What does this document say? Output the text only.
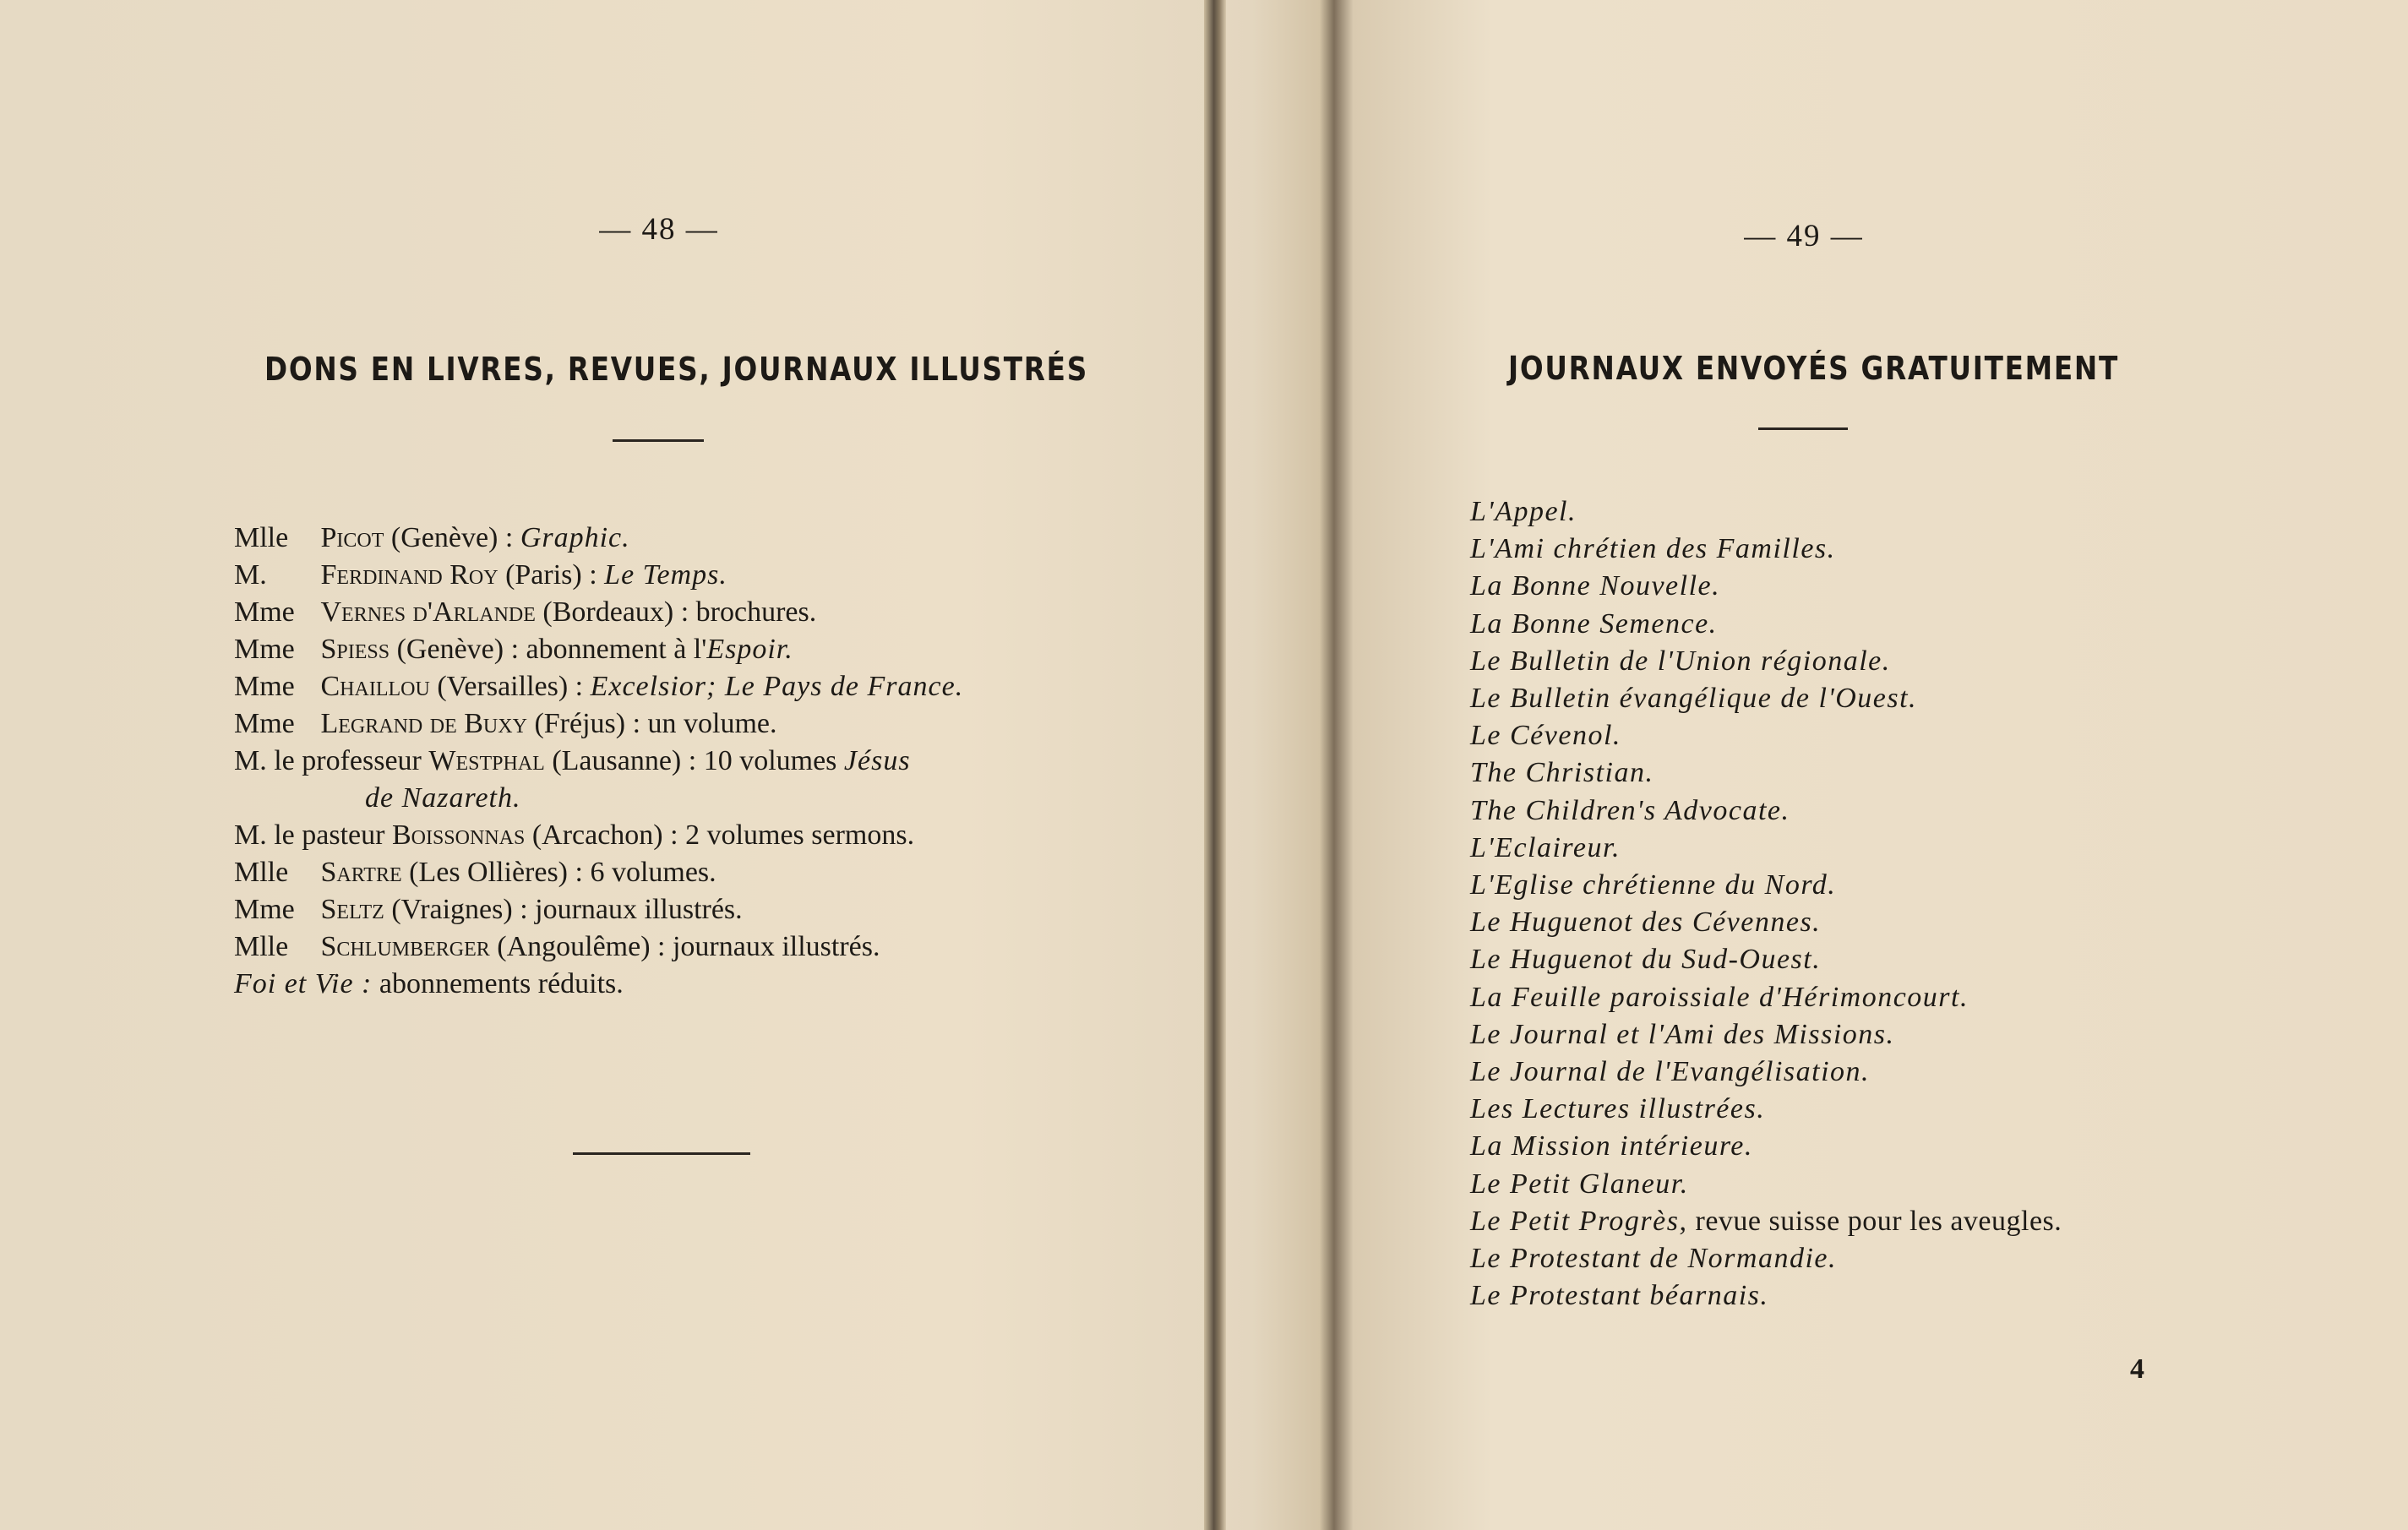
— 48 —
DONS EN LIVRES, REVUES, JOURNAUX ILLUSTRÉS
Mlle Picot (Genève) : Graphic.
M. Ferdinand Roy (Paris) : Le Temps.
Mme Vernes d'Arlande (Bordeaux) : brochures.
Mme Spiess (Genève) : abonnement à l'Espoir.
Mme Chaillou (Versailles) : Excelsior; Le Pays de France.
Mme Legrand de Buxy (Fréjus) : un volume.
M. le professeur Westphal (Lausanne) : 10 volumes Jésus
de Nazareth.
M. le pasteur Boissonnas (Arcachon) : 2 volumes sermons.
Mlle Sartre (Les Ollières) : 6 volumes.
Mme Seltz (Vraignes) : journaux illustrés.
Mlle Schlumberger (Angoulême) : journaux illustrés.
Foi et Vie : abonnements réduits.
— 49 —
JOURNAUX ENVOYÉS GRATUITEMENT
L'Appel.
L'Ami chrétien des Familles.
La Bonne Nouvelle.
La Bonne Semence.
Le Bulletin de l'Union régionale.
Le Bulletin évangélique de l'Ouest.
Le Cévenol.
The Christian.
The Children's Advocate.
L'Eclaireur.
L'Eglise chrétienne du Nord.
Le Huguenot des Cévennes.
Le Huguenot du Sud-Ouest.
La Feuille paroissiale d'Hérimoncourt.
Le Journal et l'Ami des Missions.
Le Journal de l'Evangélisation.
Les Lectures illustrées.
La Mission intérieure.
Le Petit Glaneur.
Le Petit Progrès, revue suisse pour les aveugles.
Le Protestant de Normandie.
Le Protestant béarnais.
4
